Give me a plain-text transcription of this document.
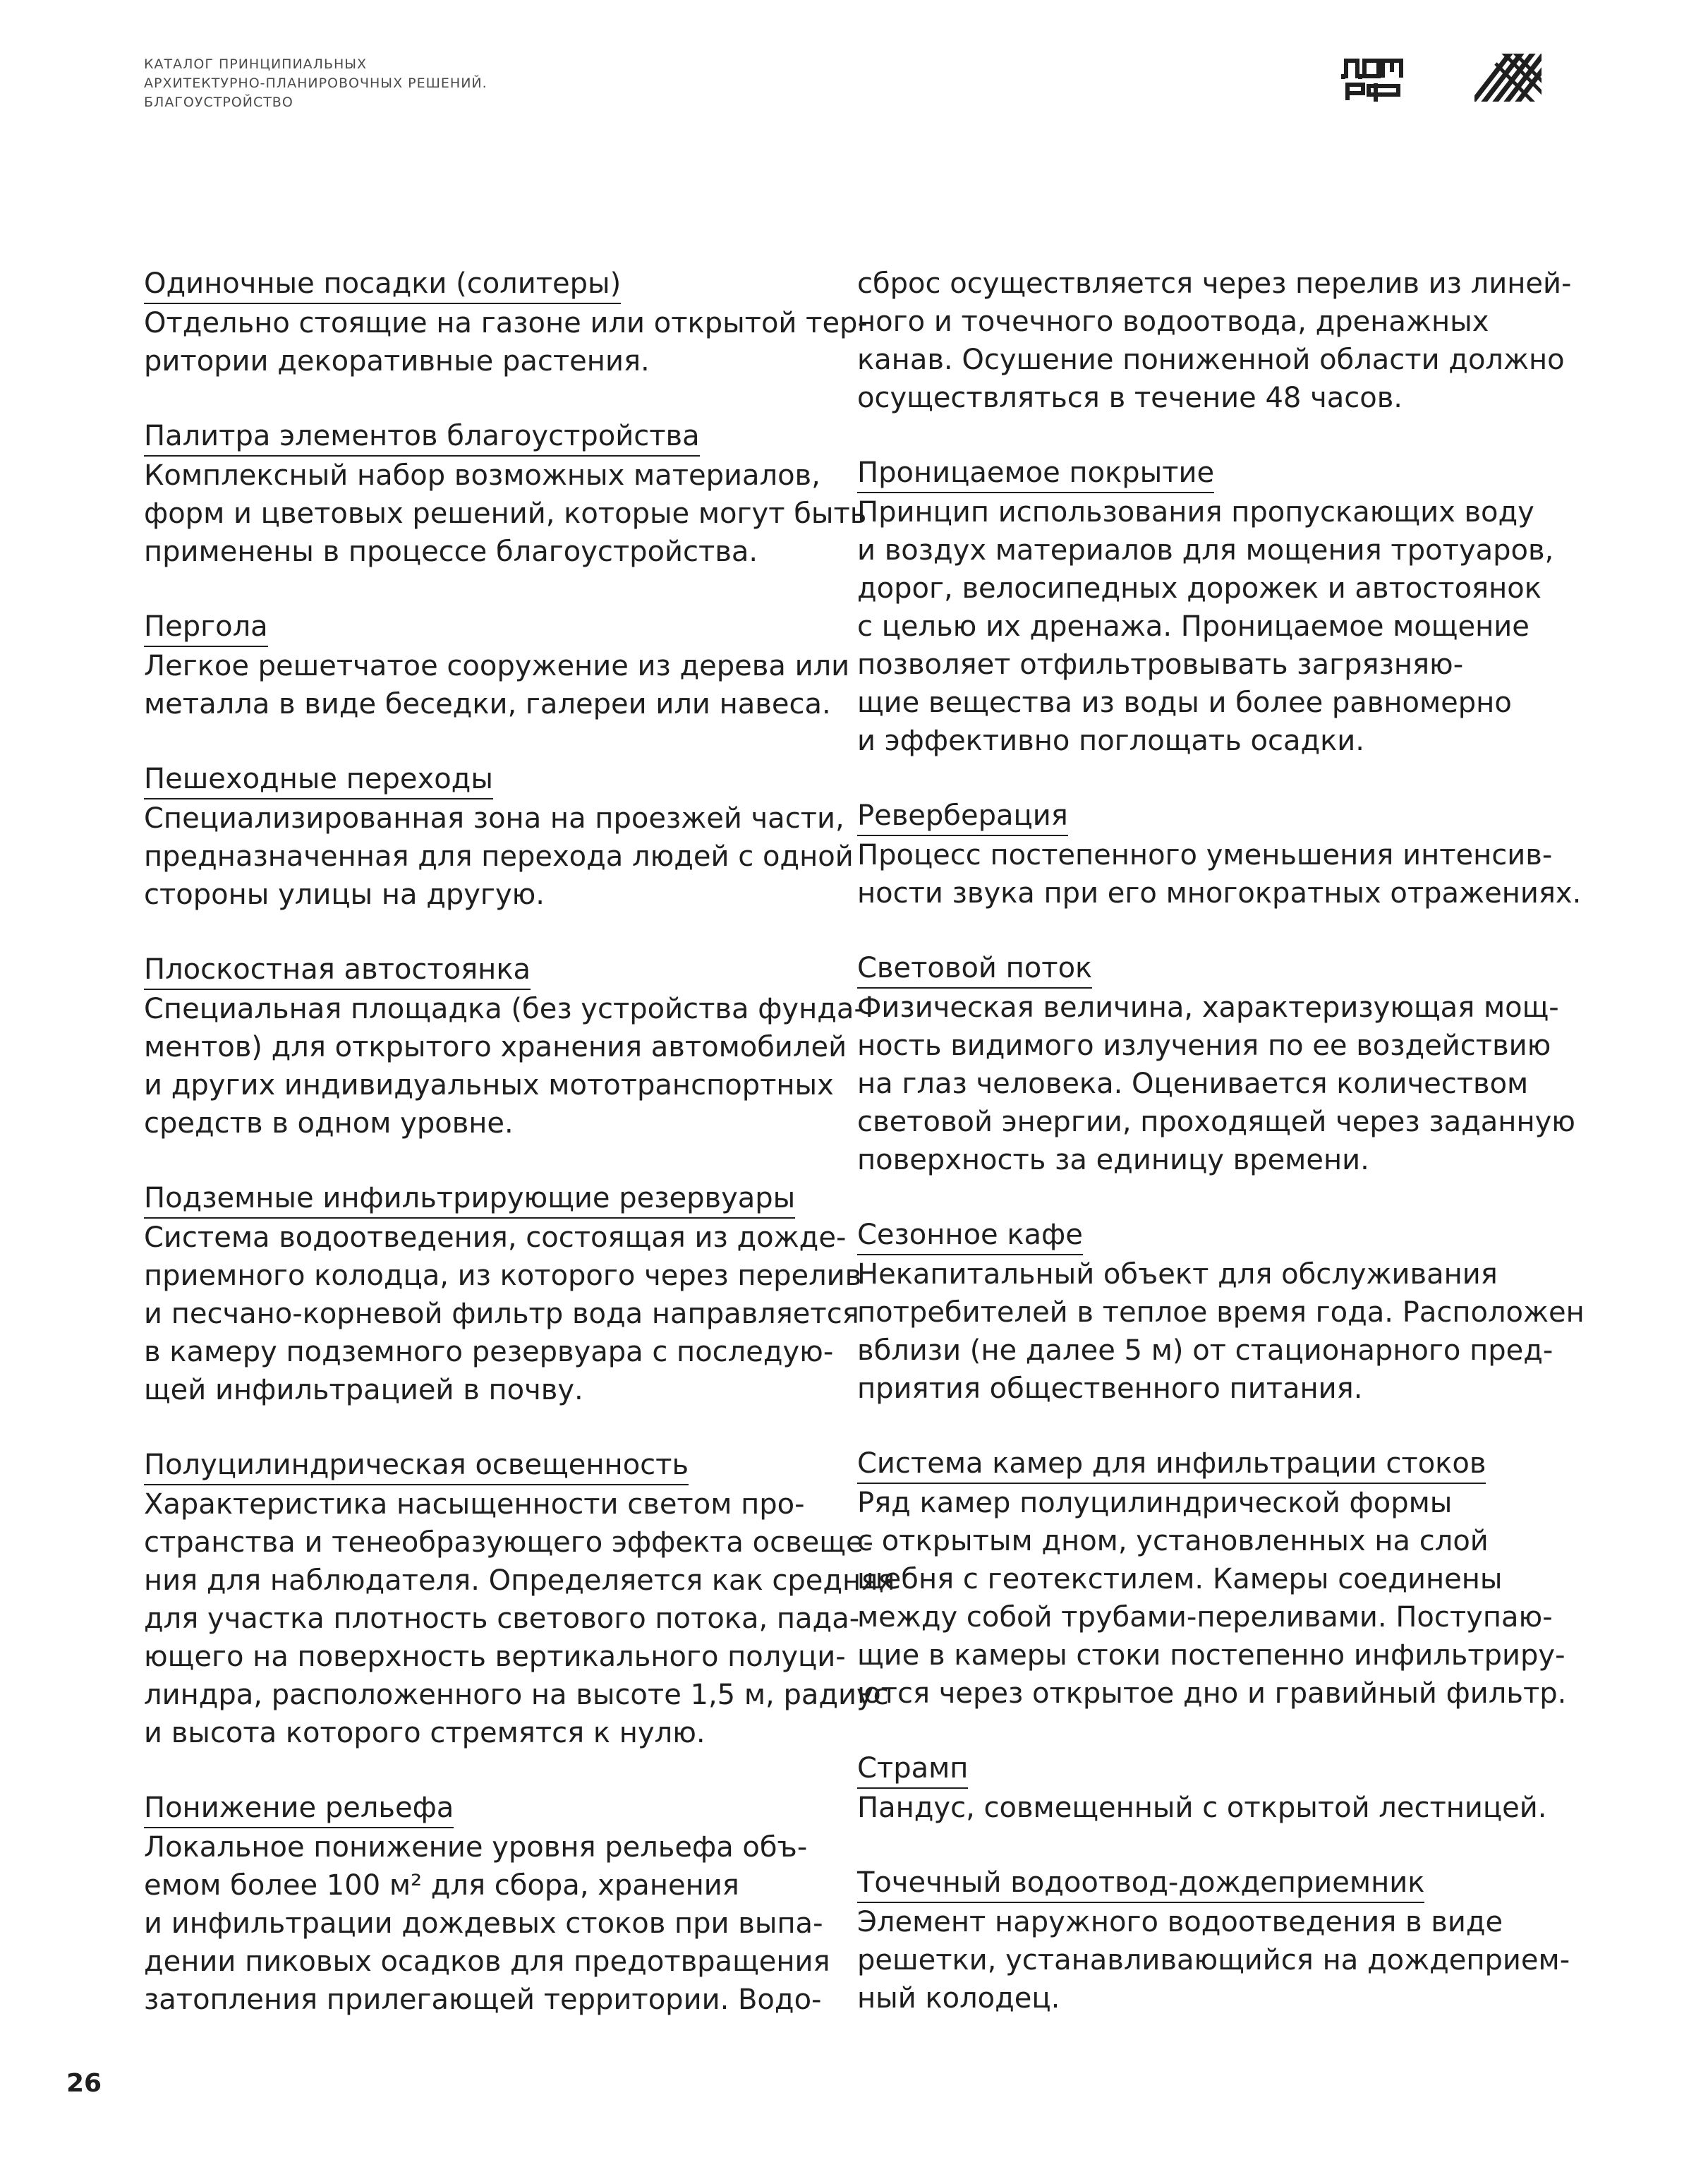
КАТАЛОГ ПРИНЦИПИАЛЬНЫХ
АРХИТЕКТУРНО-ПЛАНИРОВОЧНЫХ РЕШЕНИЙ.
БЛАГОУСТРОЙСТВО
Одиночные посадки (солитеры)
Отдельно стоящие на газоне или открытой тер-
ритории декоративные растения.
Палитра элементов благоустройства
Комплексный набор возможных материалов,
форм и цветовых решений, которые могут быть
применены в процессе благоустройства.
Пергола
Легкое решетчатое сооружение из дерева или
металла в виде беседки, галереи или навеса.
Пешеходные переходы
Специализированная зона на проезжей части,
предназначенная для перехода людей с одной
стороны улицы на другую.
Плоскостная автостоянка
Специальная площадка (без устройства фунда-
ментов) для открытого хранения автомобилей
и других индивидуальных мототранспортных
средств в одном уровне.
Подземные инфильтрирующие резервуары
Система водоотведения, состоящая из дожде-
приемного колодца, из которого через перелив
и песчано-корневой фильтр вода направляется
в камеру подземного резервуара с последую-
щей инфильтрацией в почву.
Полуцилиндрическая освещенность
Характеристика насыщенности светом про-
странства и тенеобразующего эффекта освеще-
ния для наблюдателя. Определяется как средняя
для участка плотность светового потока, пада-
ющего на поверхность вертикального полуци-
линдра, расположенного на высоте 1,5 м, радиус
и высота которого стремятся к нулю.
Понижение рельефа
Локальное понижение уровня рельефа объ-
емом более 100 м² для сбора, хранения
и инфильтрации дождевых стоков при выпа-
дении пиковых осадков для предотвращения
затопления прилегающей территории. Водо-
сброс осуществляется через перелив из линей-
ного и точечного водоотвода, дренажных
канав. Осушение пониженной области должно
осуществляться в течение 48 часов.
Проницаемое покрытие
Принцип использования пропускающих воду
и воздух материалов для мощения тротуаров,
дорог, велосипедных дорожек и автостоянок
с целью их дренажа. Проницаемое мощение
позволяет отфильтровывать загрязняю-
щие вещества из воды и более равномерно
и эффективно поглощать осадки.
Реверберация
Процесс постепенного уменьшения интенсив-
ности звука при его многократных отражениях.
Световой поток
Физическая величина, характеризующая мощ-
ность видимого излучения по ее воздействию
на глаз человека. Оценивается количеством
световой энергии, проходящей через заданную
поверхность за единицу времени.
Сезонное кафе
Некапитальный объект для обслуживания
потребителей в теплое время года. Расположен
вблизи (не далее 5 м) от стационарного пред-
приятия общественного питания.
Система камер для инфильтрации стоков
Ряд камер полуцилиндрической формы
с открытым дном, установленных на слой
щебня с геотекстилем. Камеры соединены
между собой трубами-переливами. Поступаю-
щие в камеры стоки постепенно инфильтриру-
ются через открытое дно и гравийный фильтр.
Страмп
Пандус, совмещенный с открытой лестницей.
Точечный водоотвод-дождеприемник
Элемент наружного водоотведения в виде
решетки, устанавливающийся на дождеприем-
ный колодец.
26
